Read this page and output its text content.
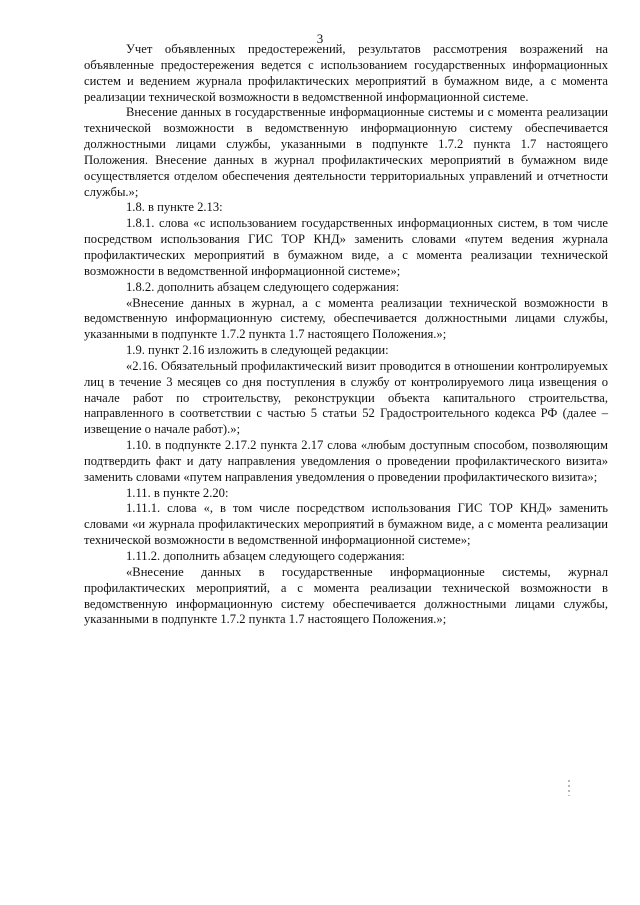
3

Учет объявленных предостережений, результатов рассмотрения возражений на объявленные предостережения ведется с использованием государственных информационных систем и ведением журнала профилактических мероприятий в бумажном виде, а с момента реализации технической возможности в ведомственной информационной системе.

Внесение данных в государственные информационные системы и с момента реализации технической возможности в ведомственную информационную систему обеспечивается должностными лицами службы, указанными в подпункте 1.7.2 пункта 1.7 настоящего Положения. Внесение данных в журнал профилактических мероприятий в бумажном виде осуществляется отделом обеспечения деятельности территориальных управлений и отчетности службы.»;

1.8. в пункте 2.13:

1.8.1. слова «с использованием государственных информационных систем, в том числе посредством использования ГИС ТОР КНД» заменить словами «путем ведения журнала профилактических мероприятий в бумажном виде, а с момента реализации технической возможности в ведомственной информационной системе»;

1.8.2. дополнить абзацем следующего содержания:

«Внесение данных в журнал, а с момента реализации технической возможности в ведомственную информационную систему, обеспечивается должностными лицами службы, указанными в подпункте 1.7.2 пункта 1.7 настоящего Положения.»;

1.9. пункт 2.16 изложить в следующей редакции:

«2.16. Обязательный профилактический визит проводится в отношении контролируемых лиц в течение 3 месяцев со дня поступления в службу от контролируемого лица извещения о начале работ по строительству, реконструкции объекта капитального строительства, направленного в соответствии с частью 5 статьи 52 Градостроительного кодекса РФ (далее – извещение о начале работ).»;

1.10. в подпункте 2.17.2 пункта 2.17 слова «любым доступным способом, позволяющим подтвердить факт и дату направления уведомления о проведении профилактического визита» заменить словами «путем направления уведомления о проведении профилактического визита»;

1.11. в пункте 2.20:

1.11.1. слова «, в том числе посредством использования ГИС ТОР КНД» заменить словами «и журнала профилактических мероприятий в бумажном виде, а с момента реализации технической возможности в ведомственной информационной системе»;

1.11.2. дополнить абзацем следующего содержания:

«Внесение данных в государственные информационные системы, журнал профилактических мероприятий, а с момента реализации технической возможности в ведомственную информационную систему обеспечивается должностными лицами службы, указанными в подпункте 1.7.2 пункта 1.7 настоящего Положения.»;
